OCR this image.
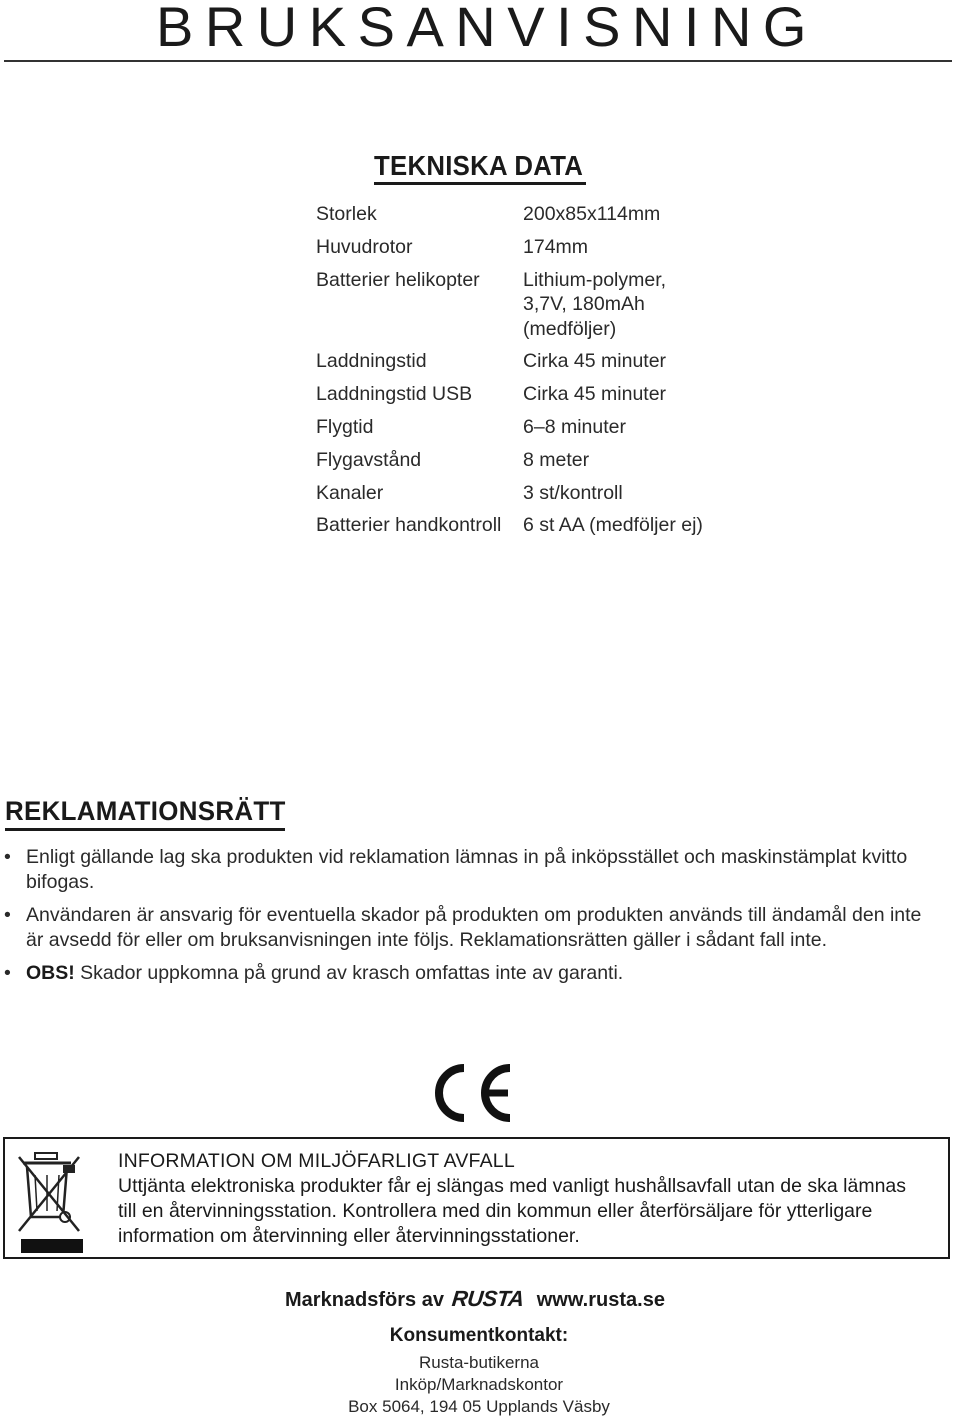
BRUKSANVISNING
TEKNISKA DATA
Storlek	200x85x114mm
Huvudrotor	174mm
Batterier helikopter	Lithium-polymer,
3,7V, 180mAh
(medföljer)
Laddningstid	Cirka 45 minuter
Laddningstid USB	Cirka 45 minuter
Flygtid	6–8 minuter
Flygavstånd	8 meter
Kanaler	3 st/kontroll
Batterier handkontroll	6 st AA (medföljer ej)
REKLAMATIONSRÄTT
• Enligt gällande lag ska produkten vid reklamation lämnas in på inköpsstället och maskinstämplat kvitto bifogas.
• Användaren är ansvarig för eventuella skador på produkten om produkten används till ändamål den inte är avsedd för eller om bruksanvisningen inte följs. Reklamationsrätten gäller i sådant fall inte.
• OBS! Skador uppkomna på grund av krasch omfattas inte av garanti.
INFORMATION OM MILJÖFARLIGT AVFALL
Uttjänta elektroniska produkter får ej slängas med vanligt hushållsavfall utan de ska lämnas till en återvinningsstation. Kontrollera med din kommun eller återförsäljare för ytterligare information om återvinning eller återvinningsstationer.
Marknadsförs av RUSTA www.rusta.se
Konsumentkontakt:
Rusta-butikerna
Inköp/Marknadskontor
Box 5064, 194 05 Upplands Väsby
